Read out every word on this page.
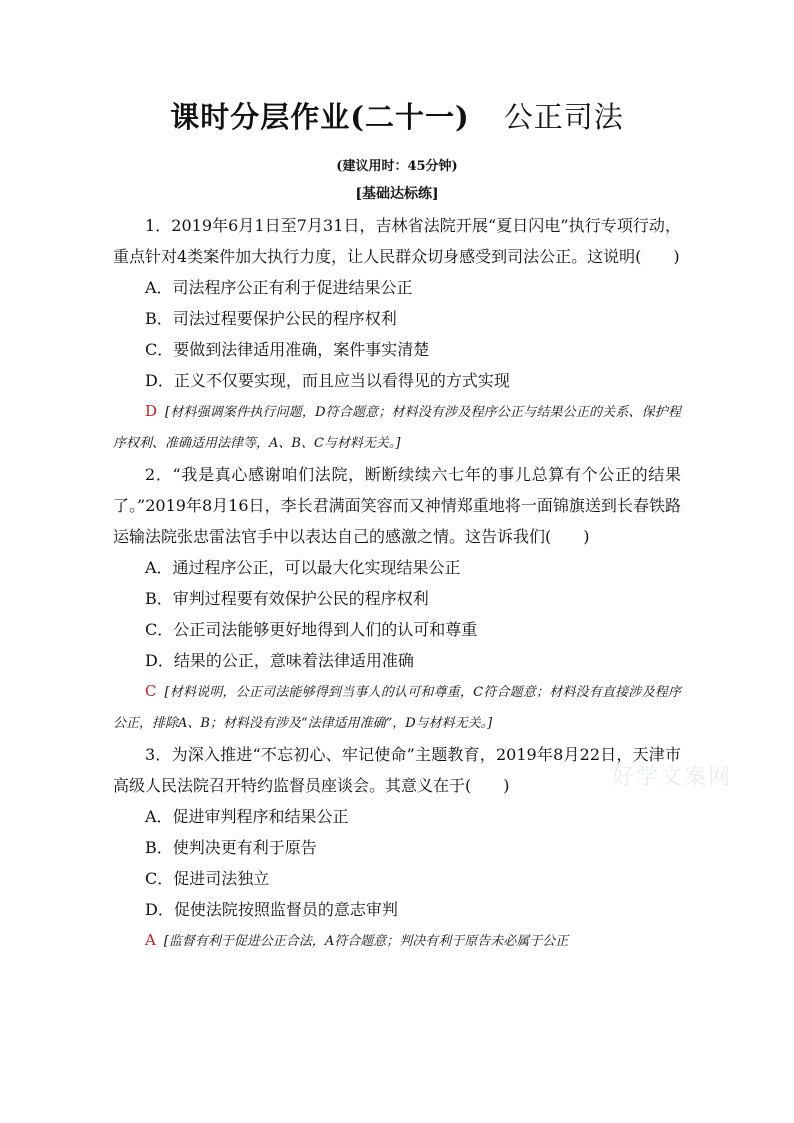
课时分层作业(二十一) 公正司法
(建议用时：45分钟)
[基础达标练]

1．2019年6月1日至7月31日，吉林省法院开展“夏日闪电”执行专项行动，重点针对4类案件加大执行力度，让人民群众切身感受到司法公正。这说明(　　)

A．司法程序公正有利于促进结果公正

B．司法过程要保护公民的程序权利

C．要做到法律适用准确，案件事实清楚

D．正义不仅要实现，而且应当以看得见的方式实现

D [材料强调案件执行问题，D符合题意；材料没有涉及程序公正与结果公正的关系、保护程序权利、准确适用法律等，A、B、C与材料无关。]

2．“我是真心感谢咱们法院，断断续续六七年的事儿总算有个公正的结果了。”2019年8月16日，李长君满面笑容而又神情郑重地将一面锦旗送到长春铁路运输法院张忠雷法官手中以表达自己的感激之情。这告诉我们(　　)

A．通过程序公正，可以最大化实现结果公正

B．审判过程要有效保护公民的程序权利

C．公正司法能够更好地得到人们的认可和尊重

D．结果的公正，意味着法律适用准确

C [材料说明，公正司法能够得到当事人的认可和尊重，C符合题意；材料没有直接涉及程序公正，排除A、B；材料没有涉及“法律适用准确”，D与材料无关。]

3．为深入推进“不忘初心、牢记使命”主题教育，2019年8月22日，天津市高级人民法院召开特约监督员座谈会。其意义在于(　　)

A．促进审判程序和结果公正

B．使判决更有利于原告

C．促进司法独立

D．促使法院按照监督员的意志审判

A [监督有利于促进公正合法，A符合题意；判决有利于原告未必属于公正

好学文案网
